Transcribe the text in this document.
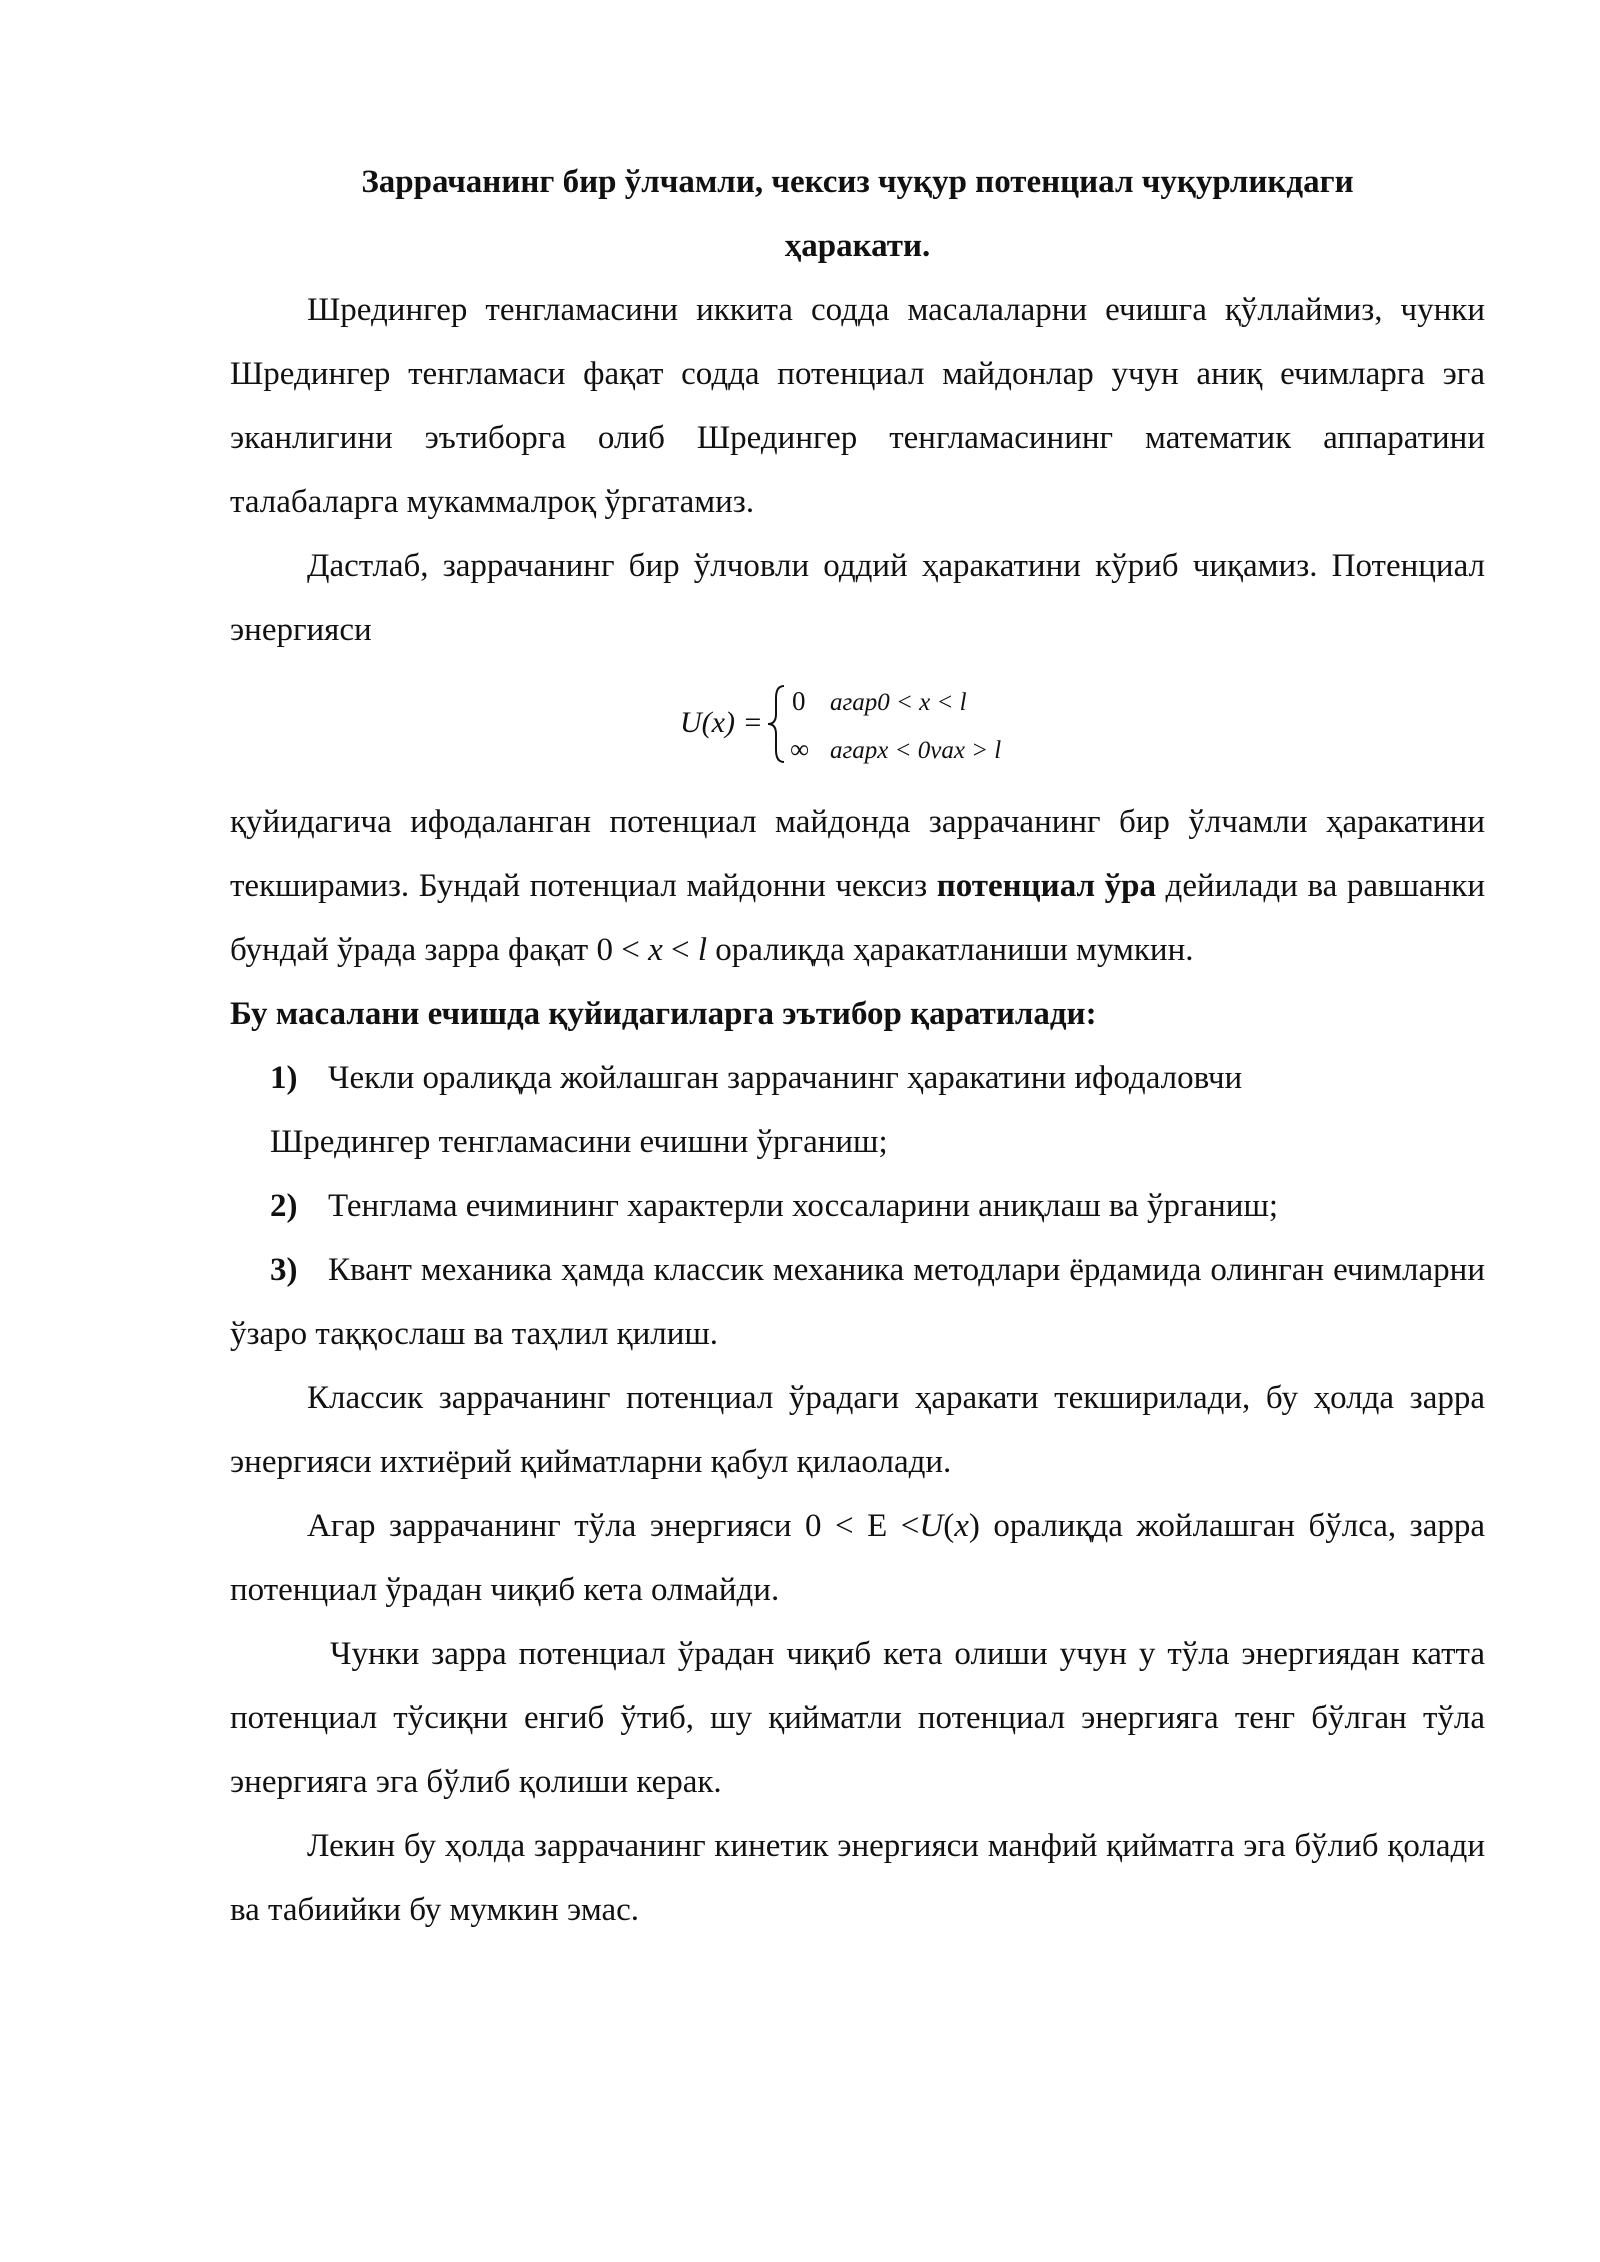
Заррачанинг бир ўлчамли, чексиз чуқур потенциал чуқурликдаги
ҳаракати.

Шредингер тенгламасини иккита содда масалаларни ечишга қўллаймиз, чунки Шредингер тенгламаси фақат содда потенциал майдонлар учун аниқ ечимларга эга эканлигини эътиборга олиб Шредингер тенгламасининг математик аппаратини талабаларга мукаммалроқ ўргатамиз.

Дастлаб, заррачанинг бир ўлчовли оддий ҳаракатини кўриб чиқамиз. Потенциал энергияси

U(x) =
0 агар0 < x < l
∞ агарx < 0vax > l

қуйидагича ифодаланган потенциал майдонда заррачанинг бир ўлчамли ҳаракатини текширамиз. Бундай потенциал майдонни чексиз потенциал ўра дейилади ва равшанки бундай ўрада зарра фақат 0 < x < l оралиқда ҳаракатланиши мумкин.

Бу масалани ечишда қуйидагиларга эътибор қаратилади:

1) Чекли оралиқда жойлашган заррачанинг ҳаракатини ифодаловчи

Шредингер тенгламасини ечишни ўрганиш;

2) Тенглама ечимининг характерли хоссаларини аниқлаш ва ўрганиш;

3) Квант механика ҳамда классик механика методлари ёрдамида олинган ечимларни ўзаро таққослаш ва таҳлил қилиш.

Классик заррачанинг потенциал ўрадаги ҳаракати текширилади, бу ҳолда зарра энергияси ихтиёрий қийматларни қабул қилаолади.

Агар заррачанинг тўла энергияси 0 < Е <U(x) оралиқда жойлашган бўлса, зарра потенциал ўрадан чиқиб кета олмайди.

Чунки зарра потенциал ўрадан чиқиб кета олиши учун у тўла энергиядан катта потенциал тўсиқни енгиб ўтиб, шу қийматли потенциал энергияга тенг бўлган тўла энергияга эга бўлиб қолиши керак.

Лекин бу ҳолда заррачанинг кинетик энергияси манфий қийматга эга бўлиб қолади ва табиийки бу мумкин эмас.
